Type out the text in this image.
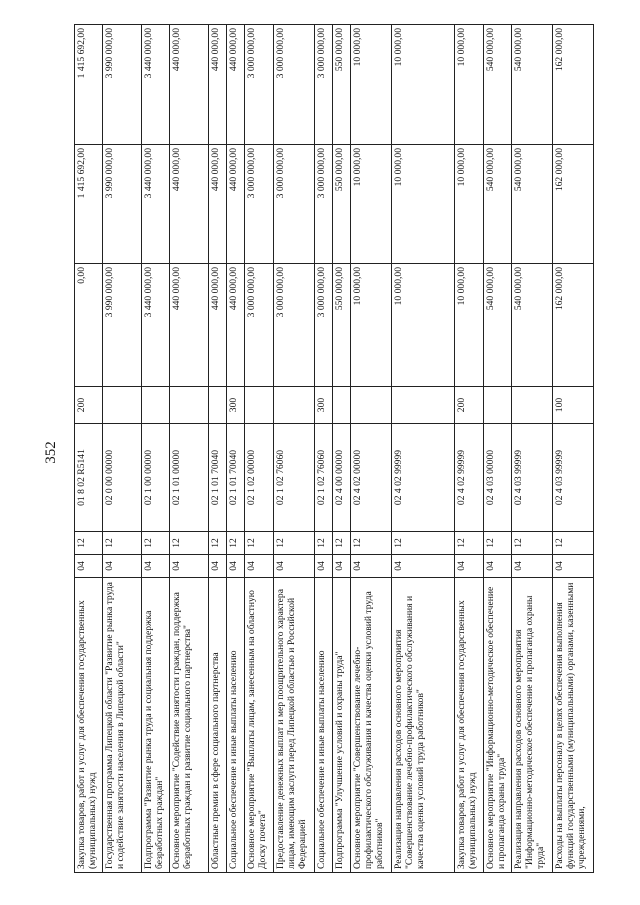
352
Закупка товаров, работ и услуг для обеспечения государственных (муниципальных) нужд	04	12	01 8 02 R5141	200	0,00	1 415 692,00	1 415 692,00
Государственная программа Липецкой области "Развитие рынка труда и содействие занятости населения в Липецкой области"	04	12	02 0 00 00000		3 990 000,00	3 990 000,00	3 990 000,00
Подпрограмма "Развитие рынка труда и социальная поддержка безработных граждан"	04	12	02 1 00 00000		3 440 000,00	3 440 000,00	3 440 000,00
Основное мероприятие "Содействие занятости граждан, поддержка безработных граждан и развитие социального партнерства"	04	12	02 1 01 00000		440 000,00	440 000,00	440 000,00
Областные премии в сфере социального партнерства	04	12	02 1 01 70040		440 000,00	440 000,00	440 000,00
Социальное обеспечение и иные выплаты населению	04	12	02 1 01 70040	300	440 000,00	440 000,00	440 000,00
Основное мероприятие "Выплаты лицам, занесенным на областную Доску почета"	04	12	02 1 02 00000		3 000 000,00	3 000 000,00	3 000 000,00
Предоставление денежных выплат и мер поощрительного характера лицам, имеющим заслуги перед Липецкой областью и Российской Федерацией	04	12	02 1 02 76060		3 000 000,00	3 000 000,00	3 000 000,00
Социальное обеспечение и иные выплаты населению	04	12	02 1 02 76060	300	3 000 000,00	3 000 000,00	3 000 000,00
Подпрограмма "Улучшение условий и охраны труда"	04	12	02 4 00 00000		550 000,00	550 000,00	550 000,00
Основное мероприятие "Совершенствование лечебно-профилактического обслуживания и качества оценки условий труда работников"	04	12	02 4 02 00000		10 000,00	10 000,00	10 000,00
Реализация направления расходов основного мероприятия "Совершенствование лечебно-профилактического обслуживания и качества оценки условий труда работников"	04	12	02 4 02 99999		10 000,00	10 000,00	10 000,00
Закупка товаров, работ и услуг для обеспечения государственных (муниципальных) нужд	04	12	02 4 02 99999	200	10 000,00	10 000,00	10 000,00
Основное мероприятие "Информационно-методическое обеспечение и пропаганда охраны труда"	04	12	02 4 03 00000		540 000,00	540 000,00	540 000,00
Реализация направления расходов основного мероприятия "Информационно-методическое обеспечение и пропаганда охраны труда"	04	12	02 4 03 99999		540 000,00	540 000,00	540 000,00
Расходы на выплаты персоналу в целях обеспечения выполнения функций государственными (муниципальными) органами, казенными учреждениями,	04	12	02 4 03 99999	100	162 000,00	162 000,00	162 000,00
